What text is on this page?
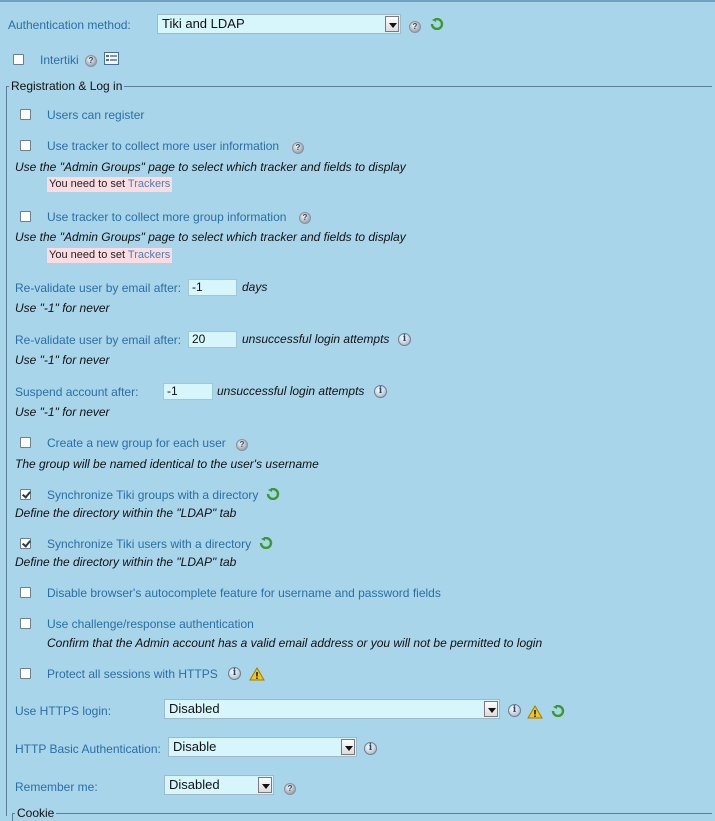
Authentication method:	Tiki and LDAP	?
Intertiki	?
Registration & Log in
Users can register
Use tracker to collect more user information	?
Use the "Admin Groups" page to select which tracker and fields to display
You need to set Trackers
Use tracker to collect more group information	?
Use the "Admin Groups" page to select which tracker and fields to display
You need to set Trackers
Re-validate user by email after: -1	days
Use "-1" for never
Re-validate user by email after: 20	unsuccessful login attempts	i
Use "-1" for never
Suspend account after:	-1	unsuccessful login attempts	i
Use "-1" for never
Create a new group for each user	?
The group will be named identical to the user's username
Synchronize Tiki groups with a directory
Define the directory within the "LDAP" tab
Synchronize Tiki users with a directory
Define the directory within the "LDAP" tab
Disable browser's autocomplete feature for username and password fields
Use challenge/response authentication
Confirm that the Admin account has a valid email address or you will not be permitted to login
Protect all sessions with HTTPS	i
Use HTTPS login:	Disabled	i
HTTP Basic Authentication: Disable	i
Remember me:	Disabled	?
Cookie
